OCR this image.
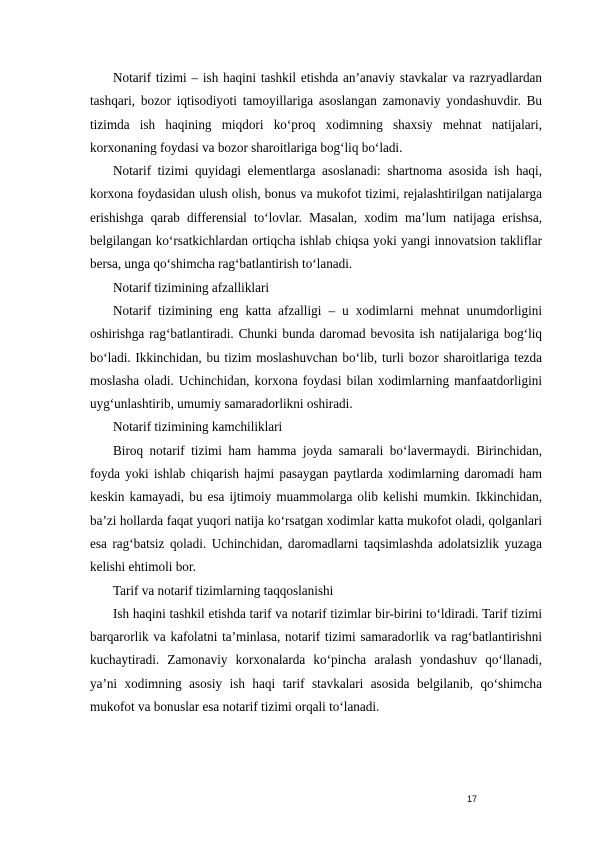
Notarif tizimi – ish haqini tashkil etishda an’anaviy stavkalar va razryadlardan tashqari, bozor iqtisodiyoti tamoyillariga asoslangan zamonaviy yondashuvdir. Bu tizimda ish haqining miqdori ko‘proq xodimning shaxsiy mehnat natijalari, korxonaning foydasi va bozor sharoitlariga bog‘liq bo‘ladi.

Notarif tizimi quyidagi elementlarga asoslanadi: shartnoma asosida ish haqi, korxona foydasidan ulush olish, bonus va mukofot tizimi, rejalashtirilgan natijalarga erishishga qarab differensial to‘lovlar. Masalan, xodim ma’lum natijaga erishsa, belgilangan ko‘rsatkichlardan ortiqcha ishlab chiqsa yoki yangi innovatsion takliflar bersa, unga qo‘shimcha rag‘batlantirish to‘lanadi.

Notarif tizimining afzalliklari

Notarif tizimining eng katta afzalligi – u xodimlarni mehnat unumdorligini oshirishga rag‘batlantiradi. Chunki bunda daromad bevosita ish natijalariga bog‘liq bo‘ladi. Ikkinchidan, bu tizim moslashuvchan bo‘lib, turli bozor sharoitlariga tezda moslasha oladi. Uchinchidan, korxona foydasi bilan xodimlarning manfaatdorligini uyg‘unlashtirib, umumiy samaradorlikni oshiradi.

Notarif tizimining kamchiliklari

Biroq notarif tizimi ham hamma joyda samarali bo‘lavermaydi. Birinchidan, foyda yoki ishlab chiqarish hajmi pasaygan paytlarda xodimlarning daromadi ham keskin kamayadi, bu esa ijtimoiy muammolarga olib kelishi mumkin. Ikkinchidan, ba’zi hollarda faqat yuqori natija ko‘rsatgan xodimlar katta mukofot oladi, qolganlari esa rag‘batsiz qoladi. Uchinchidan, daromadlarni taqsimlashda adolatsizlik yuzaga kelishi ehtimoli bor.

Tarif va notarif tizimlarning taqqoslanishi

Ish haqini tashkil etishda tarif va notarif tizimlar bir-birini to‘ldiradi. Tarif tizimi barqarorlik va kafolatni ta’minlasa, notarif tizimi samaradorlik va rag‘batlantirishni kuchaytiradi. Zamonaviy korxonalarda ko‘pincha aralash yondashuv qo‘llanadi, ya’ni xodimning asosiy ish haqi tarif stavkalari asosida belgilanib, qo‘shimcha mukofot va bonuslar esa notarif tizimi orqali to‘lanadi.

17
